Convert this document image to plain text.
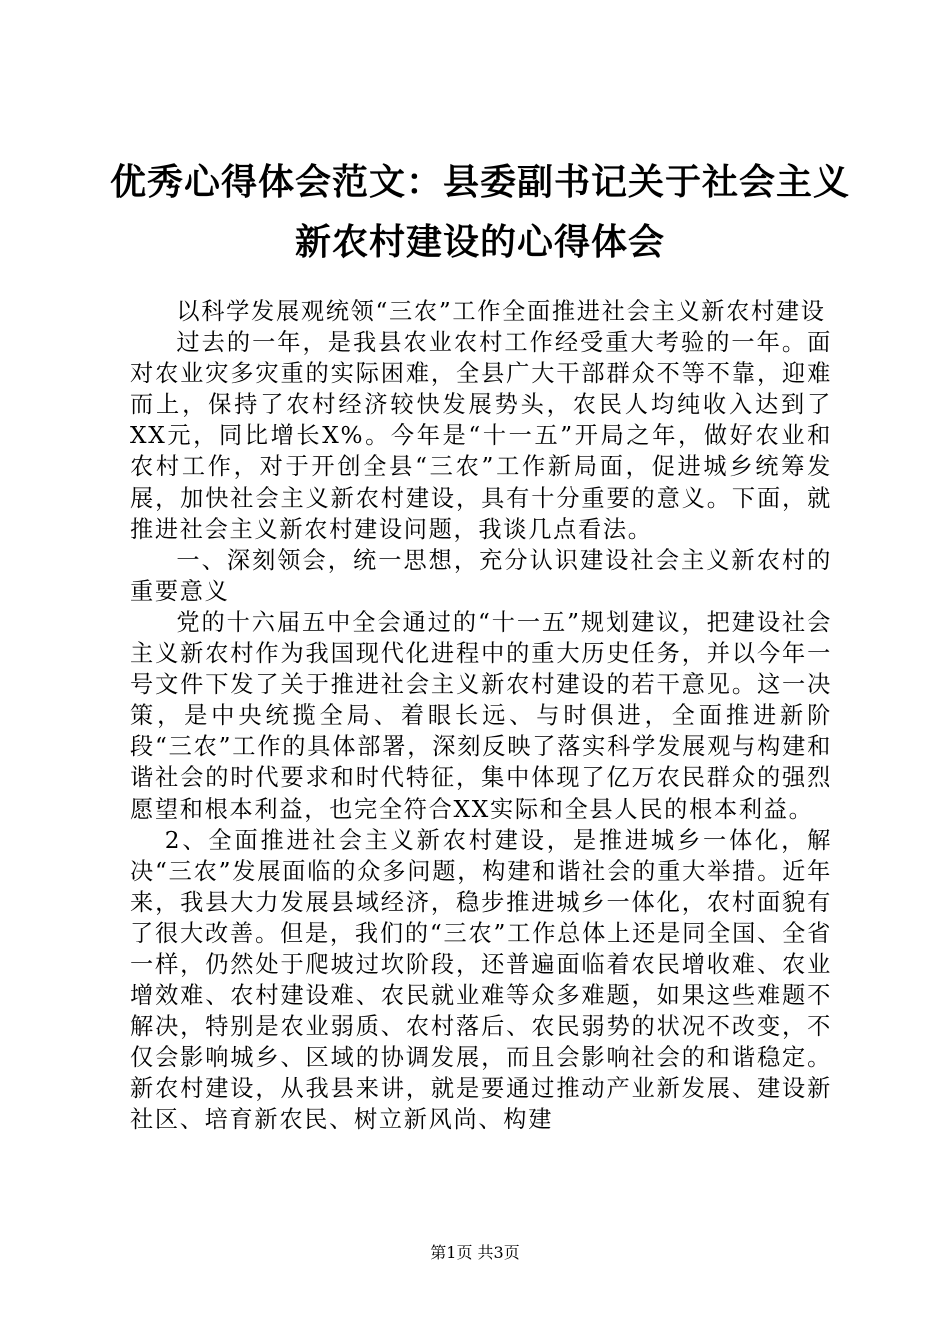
优秀心得体会范文：县委副书记关于社会主义
新农村建设的心得体会

以科学发展观统领“三农”工作全面推进社会主义新农村建设

过去的一年，是我县农业农村工作经受重大考验的一年。面对农业灾多灾重的实际困难，全县广大干部群众不等不靠，迎难而上，保持了农村经济较快发展势头，农民人均纯收入达到了XX元，同比增长X%。今年是“十一五”开局之年，做好农业和农村工作，对于开创全县“三农”工作新局面，促进城乡统筹发展，加快社会主义新农村建设，具有十分重要的意义。下面，就推进社会主义新农村建设问题，我谈几点看法。

一、深刻领会，统一思想，充分认识建设社会主义新农村的重要意义

党的十六届五中全会通过的“十一五”规划建议，把建设社会主义新农村作为我国现代化进程中的重大历史任务，并以今年一号文件下发了关于推进社会主义新农村建设的若干意见。这一决策，是中央统揽全局、着眼长远、与时俱进，全面推进新阶段“三农”工作的具体部署，深刻反映了落实科学发展观与构建和谐社会的时代要求和时代特征，集中体现了亿万农民群众的强烈愿望和根本利益，也完全符合XX实际和全县人民的根本利益。

2、全面推进社会主义新农村建设，是推进城乡一体化，解决“三农”发展面临的众多问题，构建和谐社会的重大举措。近年来，我县大力发展县域经济，稳步推进城乡一体化，农村面貌有了很大改善。但是，我们的“三农”工作总体上还是同全国、全省一样，仍然处于爬坡过坎阶段，还普遍面临着农民增收难、农业增效难、农村建设难、农民就业难等众多难题，如果这些难题不解决，特别是农业弱质、农村落后、农民弱势的状况不改变，不仅会影响城乡、区域的协调发展，而且会影响社会的和谐稳定。新农村建设，从我县来讲，就是要通过推动产业新发展、建设新社区、培育新农民、树立新风尚、构建

第1页 共3页
